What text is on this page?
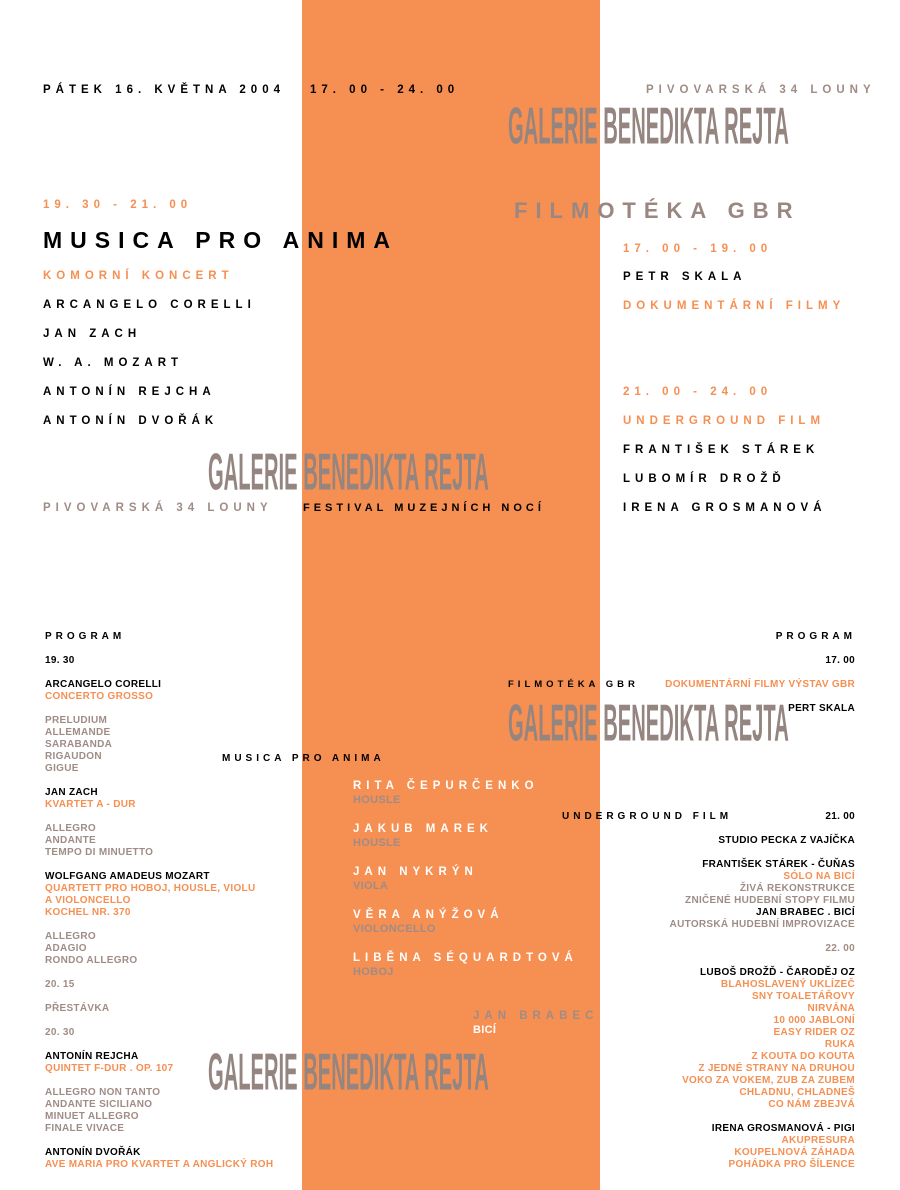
PÁTEK 16. KVĚTNA 2004 17. 00 - 24. 00	PIVOVARSKÁ 34 LOUNY
GALERIE BENEDIKTA REJTA
19. 30 - 21. 00
MUSICA PRO ANIMA
KOMORNÍ KONCERT
ARCANGELO CORELLI
JAN ZACH
W. A. MOZART
ANTONÍN REJCHA
ANTONÍN DVOŘÁK
FILMOTÉKA GBR
17. 00 - 19. 00
PETR SKALA
DOKUMENTÁRNÍ FILMY
21. 00 - 24. 00
UNDERGROUND FILM
FRANTIŠEK STÁREK
LUBOMÍR DROŽĎ
IRENA GROSMANOVÁ
GALERIE BENEDIKTA REJTA
PIVOVARSKÁ 34 LOUNY	FESTIVAL MUZEJNÍCH NOCÍ
PROGRAM
19. 30
ARCANGELO CORELLI
CONCERTO GROSSO
PRELUDIUM
ALLEMANDE
SARABANDA
RIGAUDON
GIGUE
JAN ZACH
KVARTET A - DUR
ALLEGRO
ANDANTE
TEMPO DI MINUETTO
WOLFGANG AMADEUS MOZART
QUARTETT PRO HOBOJ, HOUSLE, VIOLU
A VIOLONCELLO
KOCHEL NR. 370
ALLEGRO
ADAGIO
RONDO ALLEGRO
20. 15
PŘESTÁVKA
20. 30
ANTONÍN REJCHA
QUINTET F-DUR . OP. 107
ALLEGRO NON TANTO
ANDANTE SICILIANO
MINUET ALLEGRO
FINALE VIVACE
ANTONÍN DVOŘÁK
AVE MARIA PRO KVARTET A ANGLICKÝ ROH
MUSICA PRO ANIMA
RITA ČEPURČENKO
HOUSLE
JAKUB MAREK
HOUSLE
JAN NYKRÝN
VIOLA
VĚRA ANÝŽOVÁ
VIOLONCELLO
LIBĚNA SÉQUARDTOVÁ
HOBOJ
JAN BRABEC
BICÍ
GALERIE BENEDIKTA REJTA
GALERIE BENEDIKTA REJTA
PROGRAM
17. 00
FILMOTÉKA GBR	DOKUMENTÁRNÍ FILMY VÝSTAV GBR
PERT SKALA
UNDERGROUND FILM	21. 00
STUDIO PECKA Z VAJÍČKA
FRANTIŠEK STÁREK - ČUŇAS
SÓLO NA BICÍ
ŽIVÁ REKONSTRUKCE
ZNIČENÉ HUDEBNÍ STOPY FILMU
JAN BRABEC . BICÍ
AUTORSKÁ HUDEBNÍ IMPROVIZACE
22. 00
LUBOŠ DROŽĎ - ČARODĚJ OZ
BLAHOSLAVENÝ UKLÍZEČ
SNY TOALETÁŘOVY
NIRVÁNA
10 000 JABLONÍ
EASY RIDER OZ
RUKA
Z KOUTA DO KOUTA
Z JEDNÉ STRANY NA DRUHOU
VOKO ZA VOKEM, ZUB ZA ZUBEM
CHLADNU, CHLADNEŠ
CO NÁM ZBEJVÁ
IRENA GROSMANOVÁ - PIGI
AKUPRESURA
KOUPELNOVÁ ZÁHADA
POHÁDKA PRO ŠÍLENCE
